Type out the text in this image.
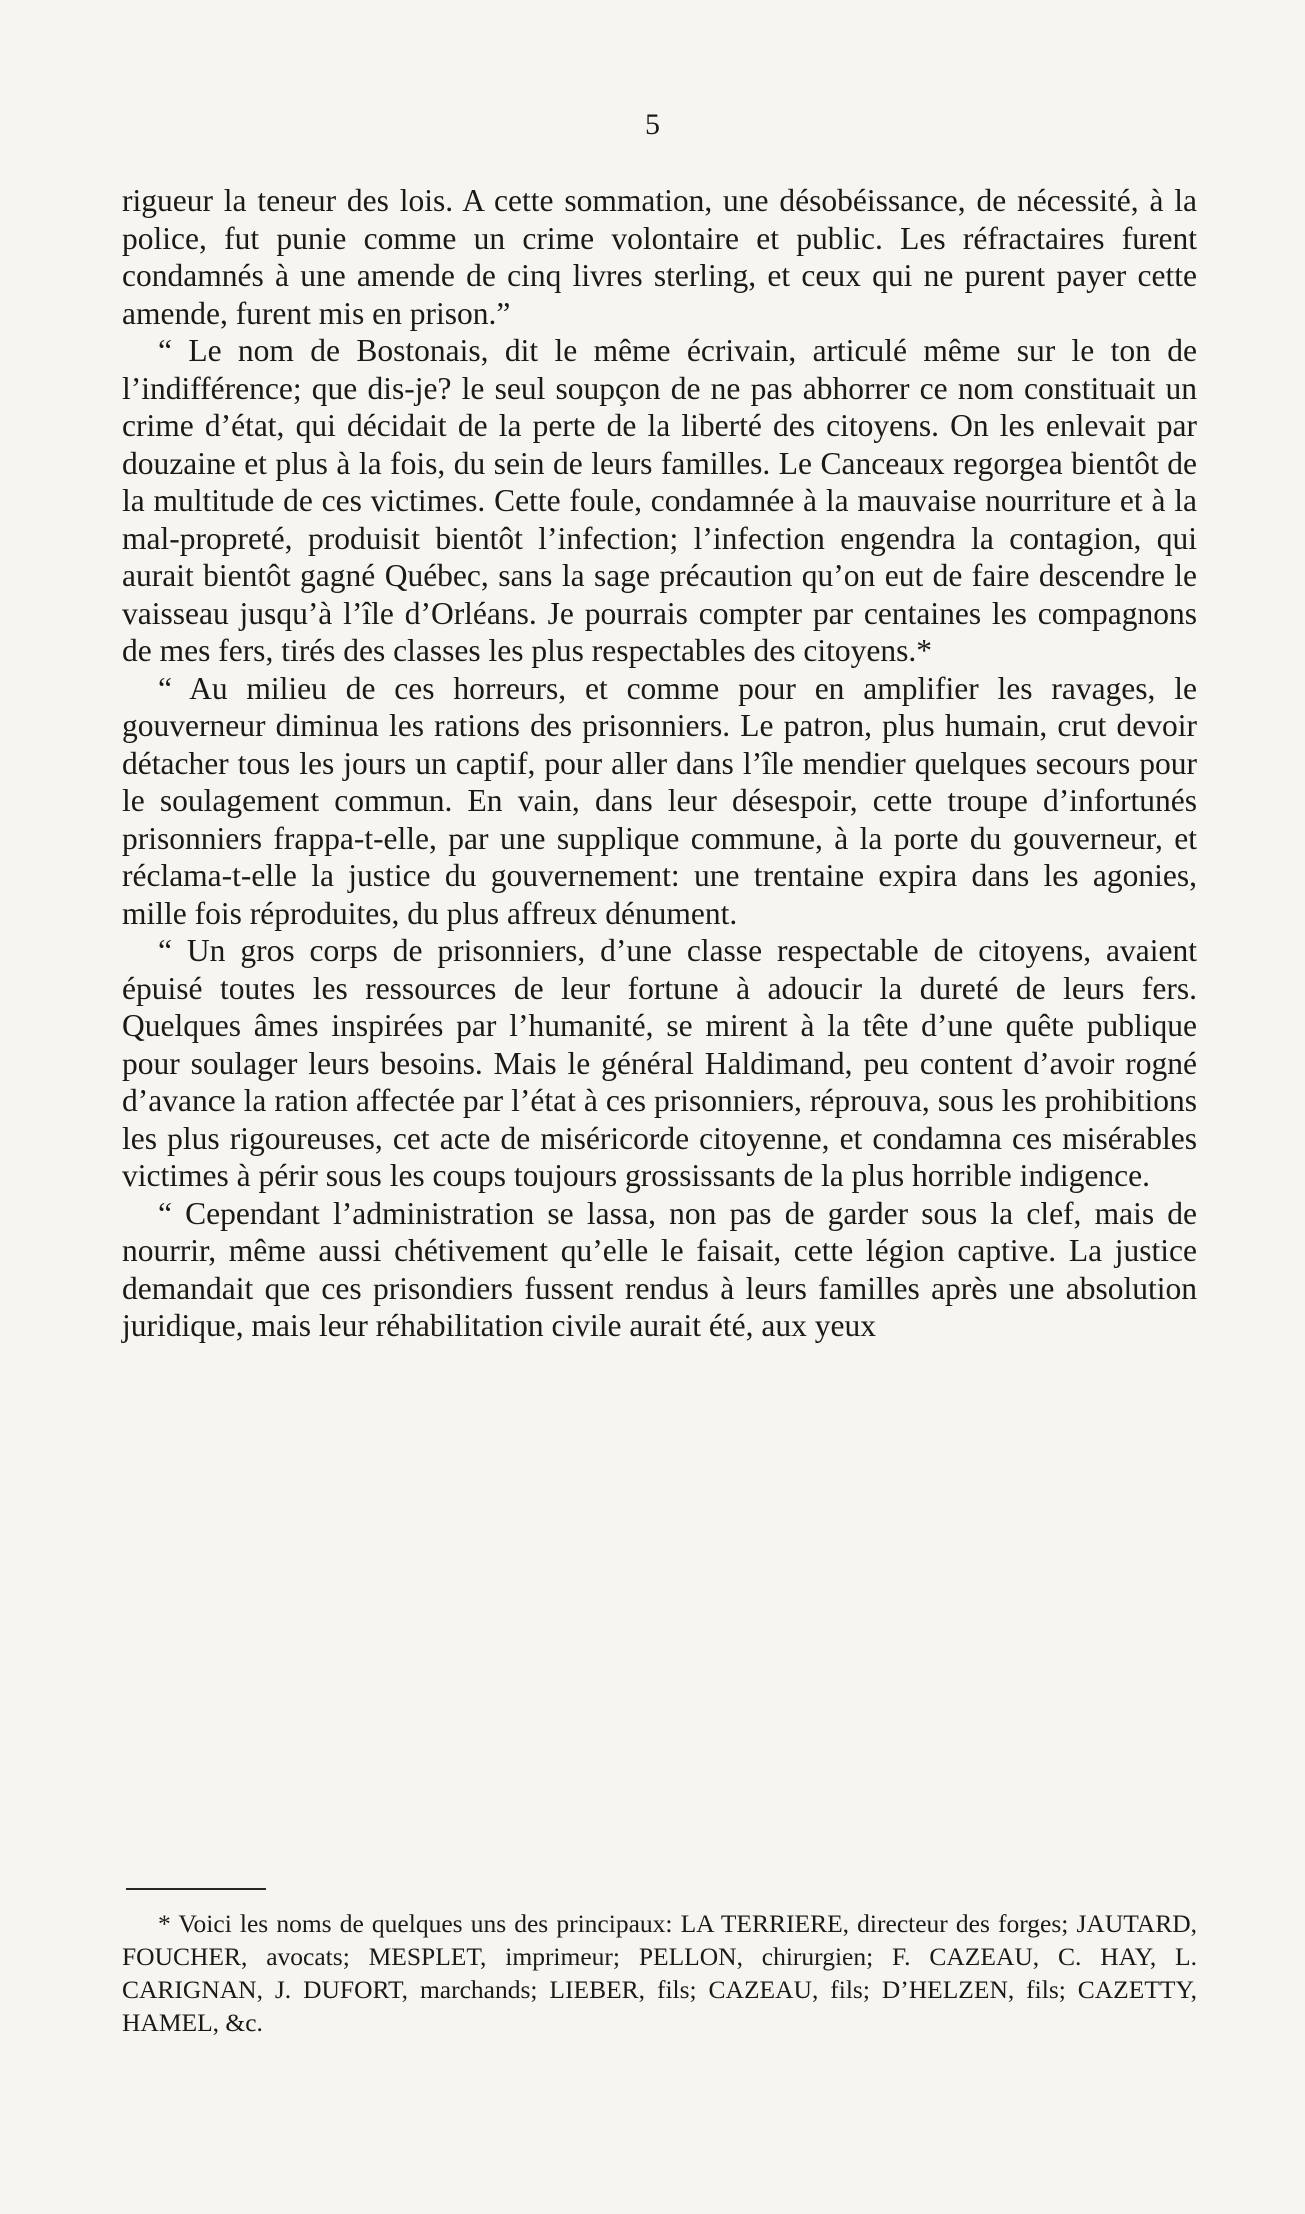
5

rigueur la teneur des lois. A cette sommation, une désobéissance, de nécessité, à la police, fut punie comme un crime volontaire et public. Les réfractaires furent condamnés à une amende de cinq livres sterling, et ceux qui ne purent payer cette amende, furent mis en prison.”

“ Le nom de Bostonais, dit le même écrivain, articulé même sur le ton de l’indifférence; que dis-je? le seul soupçon de ne pas abhorrer ce nom constituait un crime d’état, qui décidait de la perte de la liberté des citoyens. On les enlevait par douzaine et plus à la fois, du sein de leurs familles. Le Canceaux regorgea bientôt de la multitude de ces victimes. Cette foule, condamnée à la mauvaise nourriture et à la mal-propreté, produisit bientôt l’infection; l’infection engendra la contagion, qui aurait bientôt gagné Québec, sans la sage précaution qu’on eut de faire descendre le vaisseau jusqu’à l’île d’Orléans. Je pourrais compter par centaines les compagnons de mes fers, tirés des classes les plus respectables des citoyens.*

“ Au milieu de ces horreurs, et comme pour en amplifier les ravages, le gouverneur diminua les rations des prisonniers. Le patron, plus humain, crut devoir détacher tous les jours un captif, pour aller dans l’île mendier quelques secours pour le soulagement commun. En vain, dans leur désespoir, cette troupe d’infortunés prisonniers frappa-t-elle, par une supplique commune, à la porte du gouverneur, et réclama-t-elle la justice du gouvernement: une trentaine expira dans les agonies, mille fois réproduites, du plus affreux dénument.

“ Un gros corps de prisonniers, d’une classe respectable de citoyens, avaient épuisé toutes les ressources de leur fortune à adoucir la dureté de leurs fers. Quelques âmes inspirées par l’humanité, se mirent à la tête d’une quête publique pour soulager leurs besoins. Mais le général Haldimand, peu content d’avoir rogné d’avance la ration affectée par l’état à ces prisonniers, réprouva, sous les prohibitions les plus rigoureuses, cet acte de miséricorde citoyenne, et condamna ces misérables victimes à périr sous les coups toujours grossissants de la plus horrible indigence.

“ Cependant l’administration se lassa, non pas de garder sous la clef, mais de nourrir, même aussi chétivement qu’elle le faisait, cette légion captive. La justice demandait que ces prisondiers fussent rendus à leurs familles après une absolution juridique, mais leur réhabilitation civile aurait été, aux yeux

* Voici les noms de quelques uns des principaux: LA TERRIERE, directeur des forges; JAUTARD, FOUCHER, avocats; MESPLET, imprimeur; PELLON, chirurgien; F. CAZEAU, C. HAY, L. CARIGNAN, J. DUFORT, marchands; LIEBER, fils; CAZEAU, fils; D’HELZEN, fils; CAZETTY, HAMEL, &c.
